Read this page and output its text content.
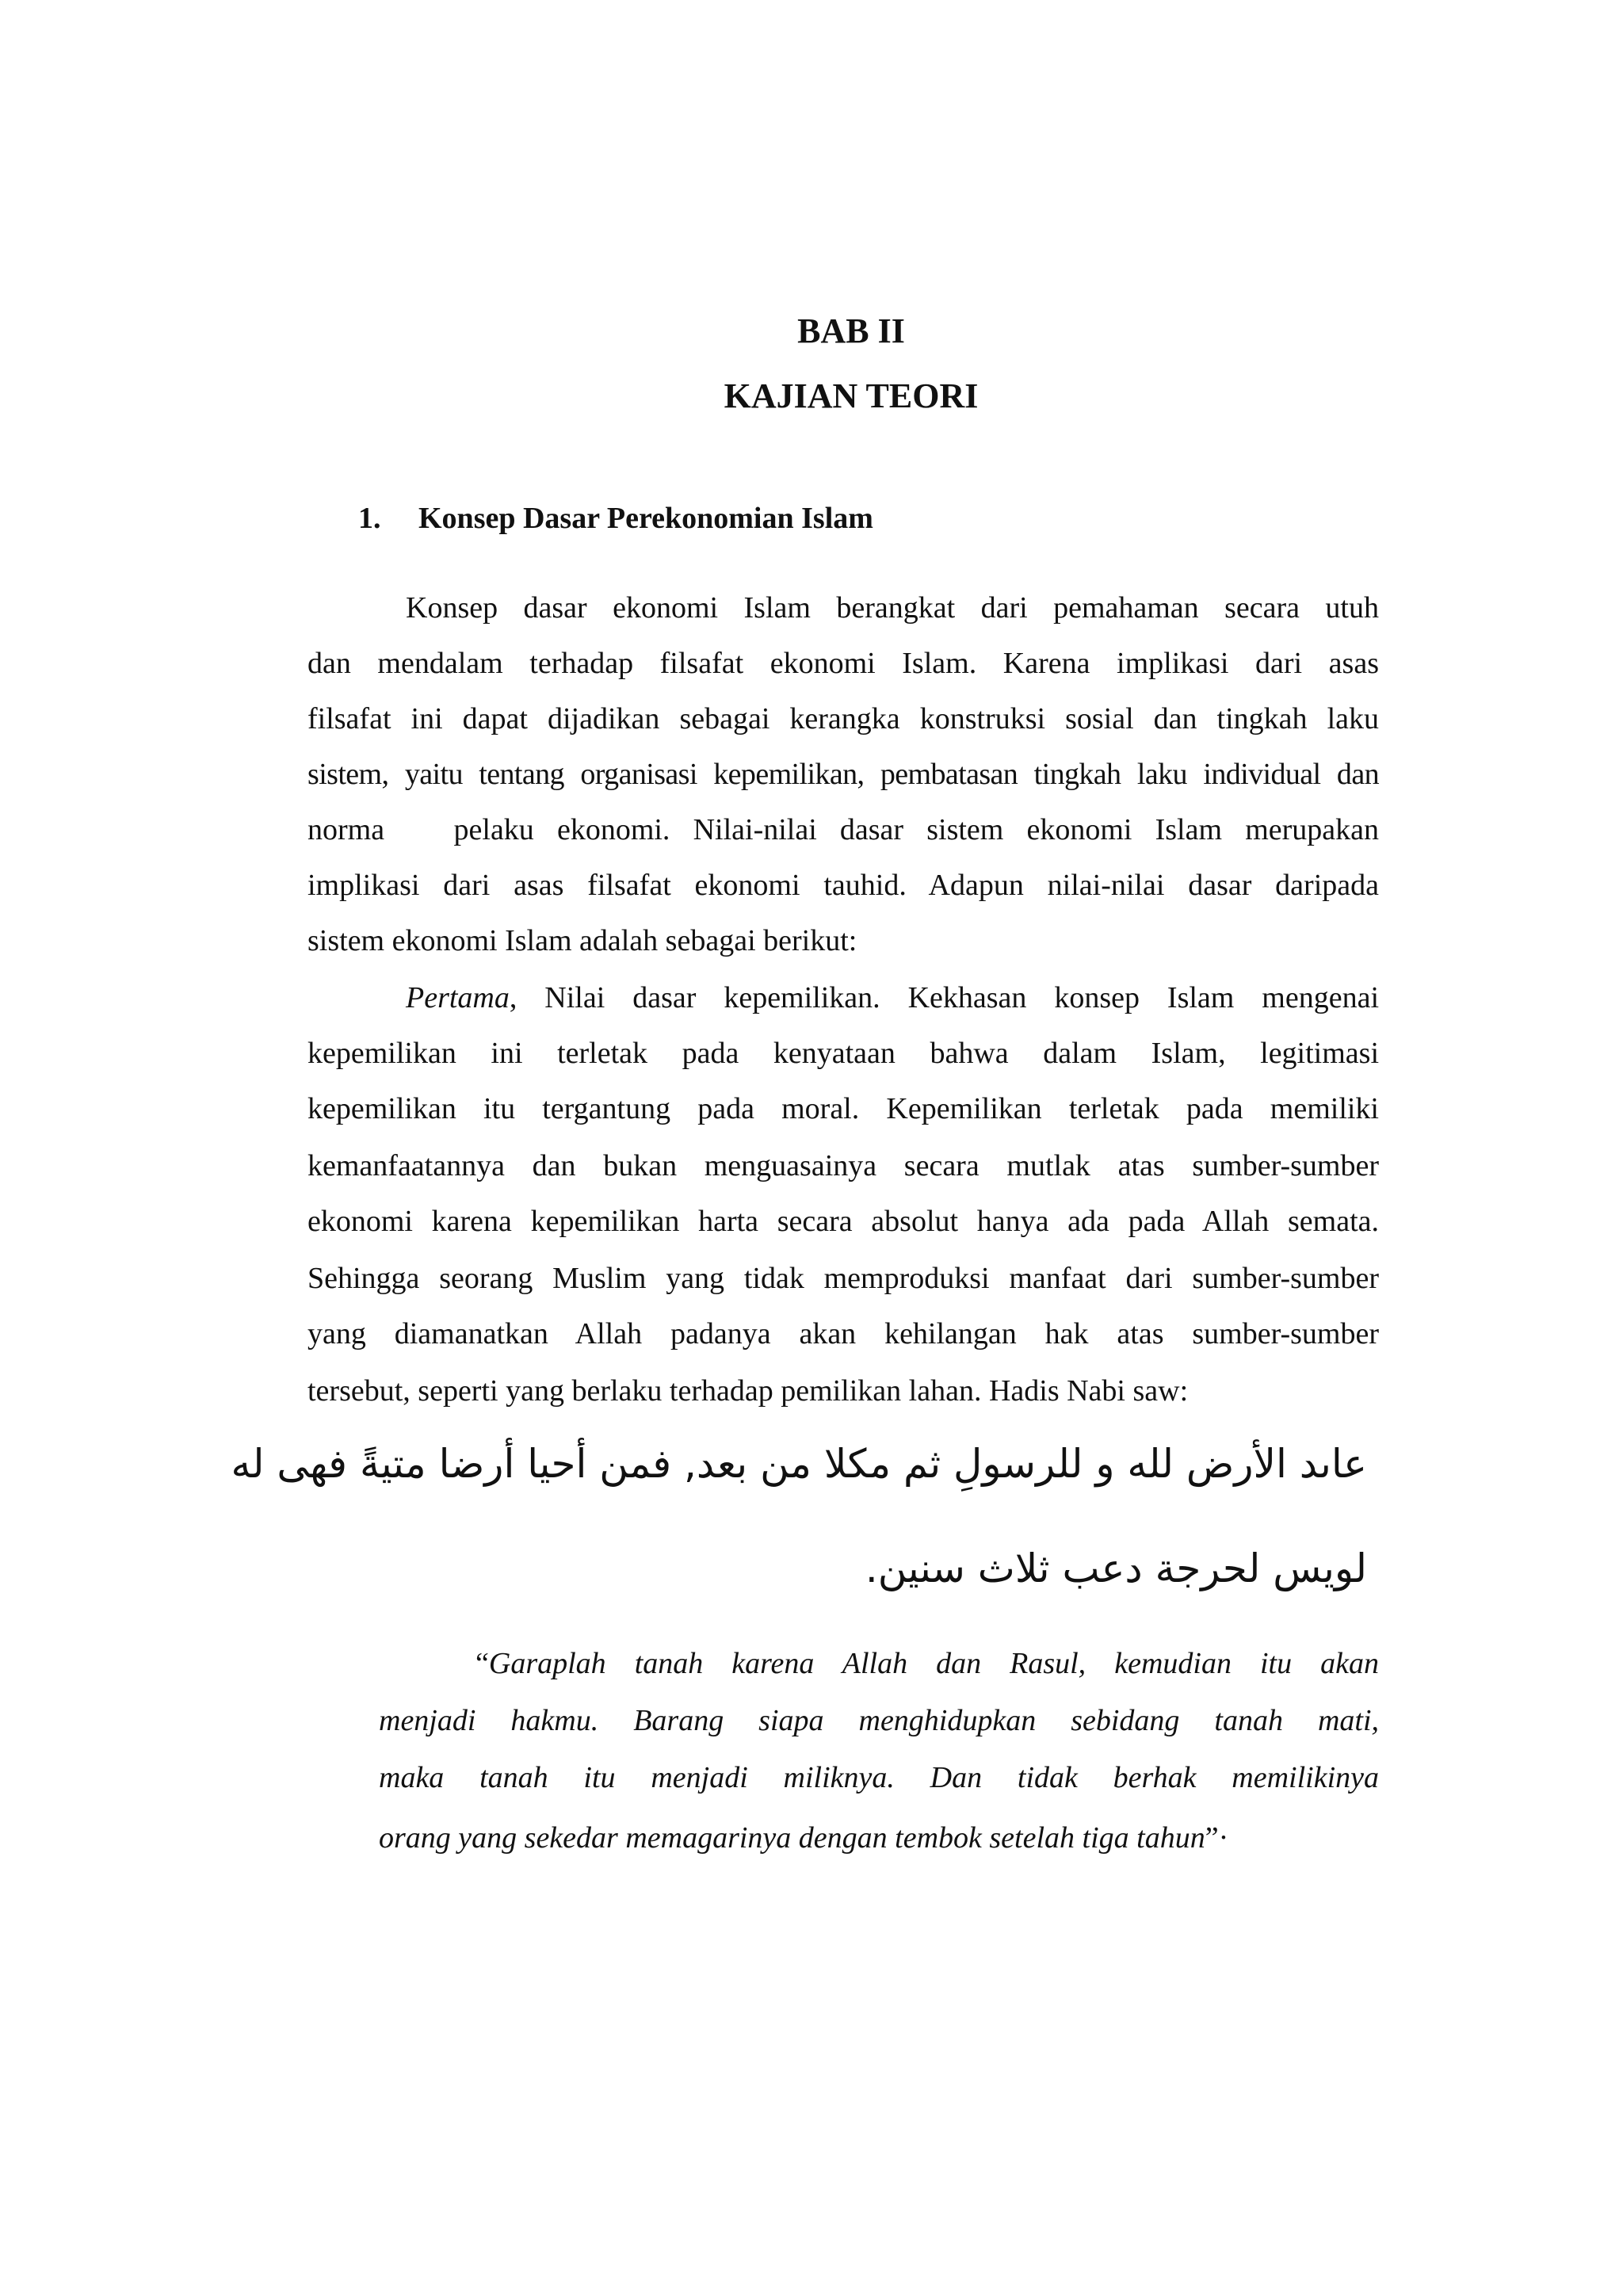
BAB II
KAJIAN TEORI
1. Konsep Dasar Perekonomian Islam

Konsep dasar ekonomi Islam berangkat dari pemahaman secara utuh

dan mendalam terhadap filsafat ekonomi Islam. Karena implikasi dari asas

filsafat ini dapat dijadikan sebagai kerangka konstruksi sosial dan tingkah laku

sistem, yaitu tentang organisasi kepemilikan, pembatasan tingkah laku individual dan

norma   pelaku ekonomi. Nilai-nilai dasar sistem ekonomi Islam merupakan

implikasi dari asas filsafat ekonomi tauhid. Adapun nilai-nilai dasar daripada

sistem ekonomi Islam adalah sebagai berikut:

Pertama, Nilai dasar kepemilikan. Kekhasan konsep Islam mengenai

kepemilikan ini terletak pada kenyataan bahwa dalam Islam, legitimasi

kepemilikan itu tergantung pada moral. Kepemilikan terletak pada memiliki

kemanfaatannya dan bukan menguasainya secara mutlak atas sumber-sumber

ekonomi karena kepemilikan harta secara absolut hanya ada pada Allah semata.

Sehingga seorang Muslim yang tidak memproduksi manfaat dari sumber-sumber

yang diamanatkan Allah padanya akan kehilangan hak atas sumber-sumber

tersebut, seperti yang berlaku terhadap pemilikan lahan. Hadis Nabi saw:

عاىد الأرض لله و للرسولِ ثم مكلا من بعد, فمن أحيا أرضا متيةً فهى له

لويس لحرجة دعب ثلاث سنين.

“Garaplah tanah karena Allah dan Rasul, kemudian itu akan

menjadi hakmu. Barang siapa menghidupkan sebidang tanah mati,

maka tanah itu menjadi miliknya. Dan tidak berhak memilikinya

orang yang sekedar memagarinya dengan tembok setelah tiga tahun”·
